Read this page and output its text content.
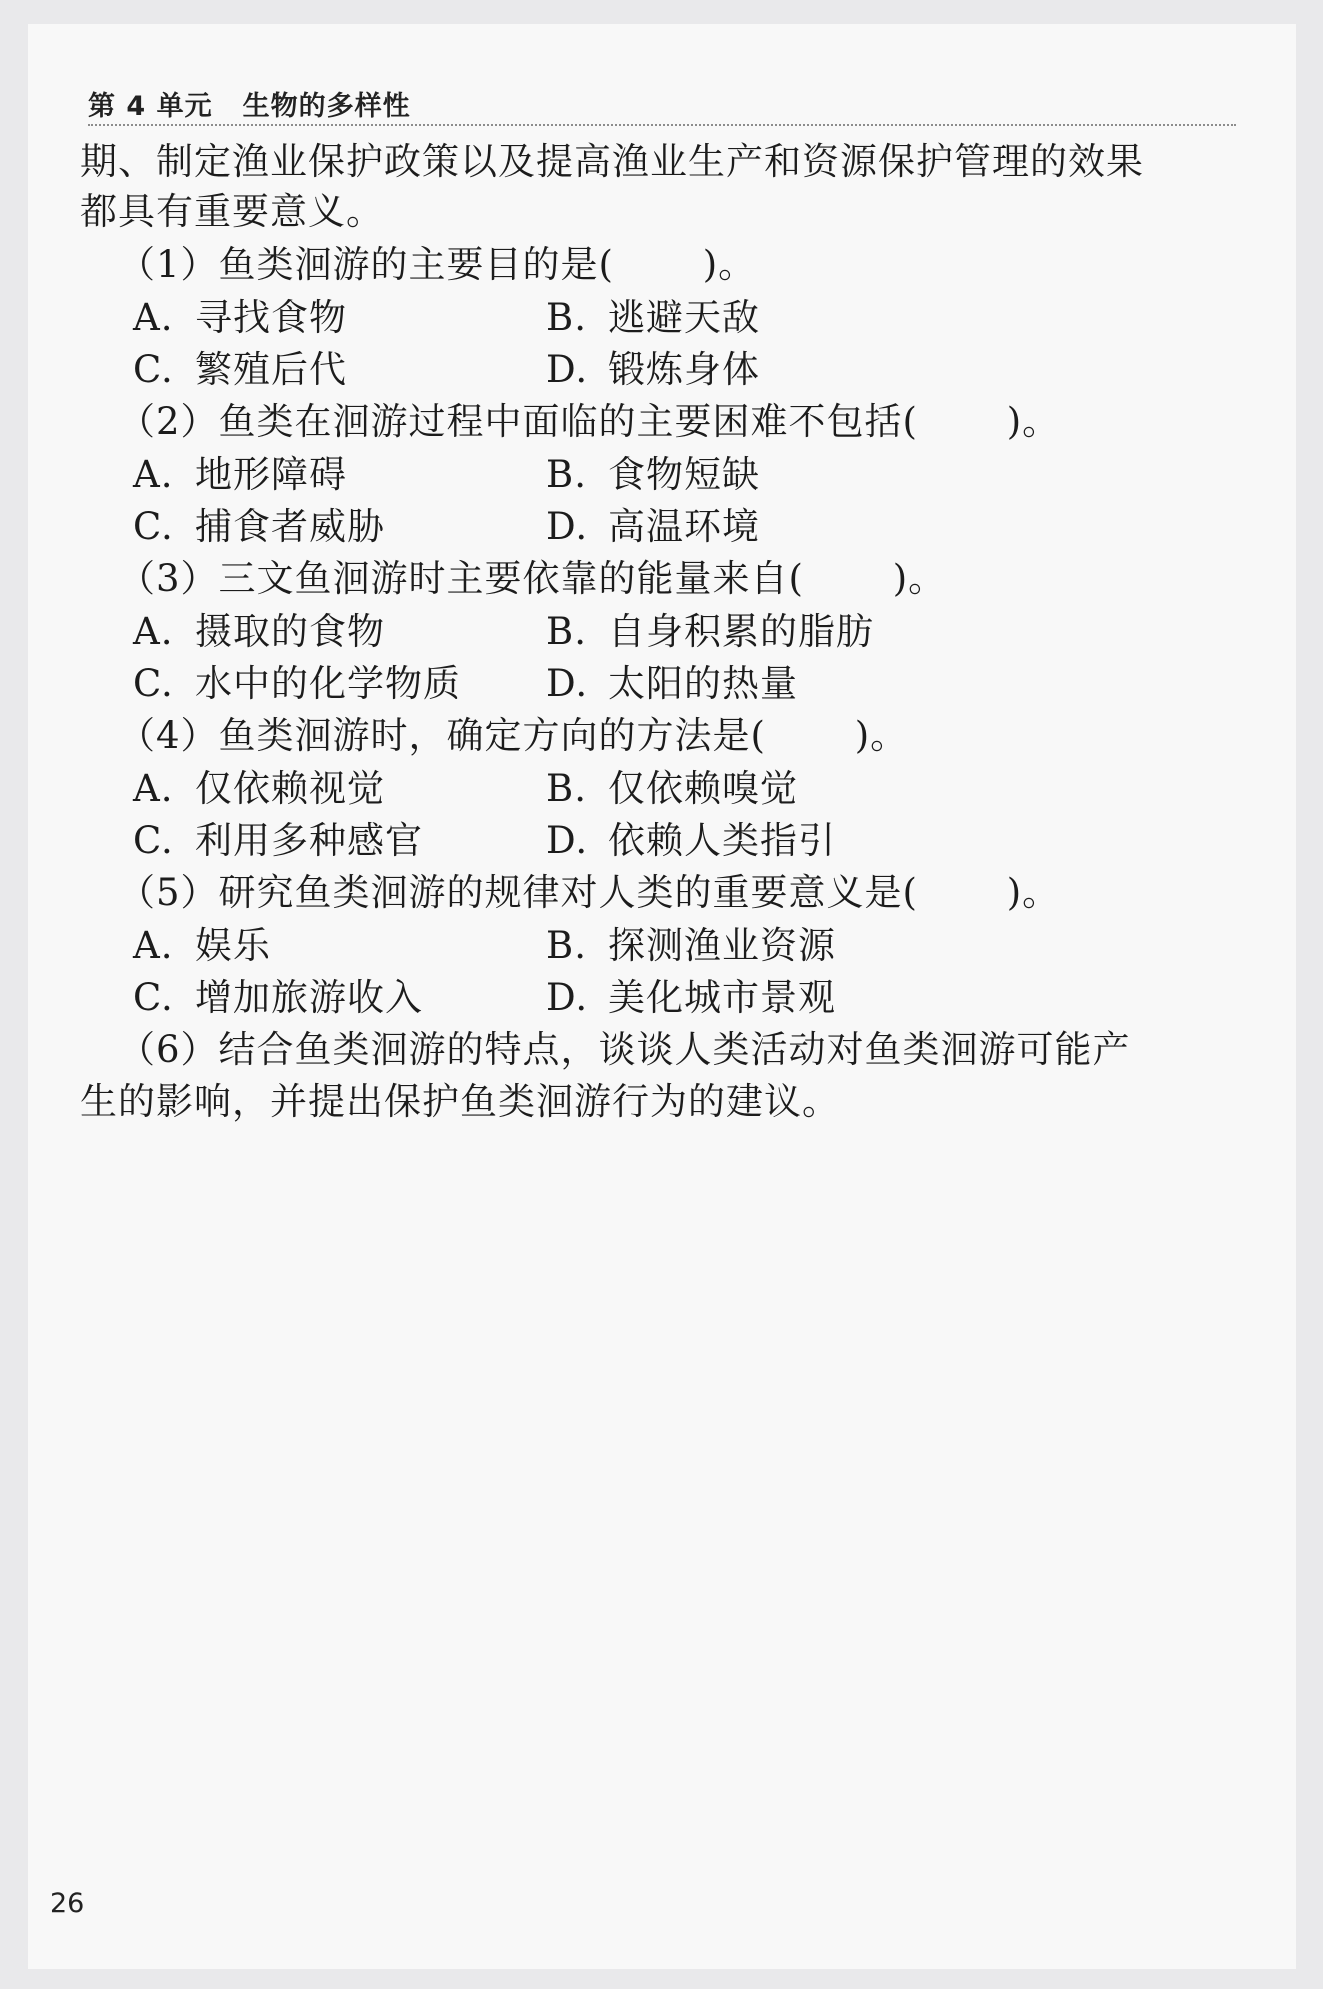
第 4 单元 生物的多样性
期、制定渔业保护政策以及提高渔业生产和资源保护管理的效果
都具有重要意义。
（1）鱼类洄游的主要目的是(　　 )。
A. 寻找食物	B. 逃避天敌
C. 繁殖后代	D. 锻炼身体
（2）鱼类在洄游过程中面临的主要困难不包括(　　 )。
A. 地形障碍	B. 食物短缺
C. 捕食者威胁	D. 高温环境
（3）三文鱼洄游时主要依靠的能量来自(　　 )。
A. 摄取的食物	B. 自身积累的脂肪
C. 水中的化学物质 D. 太阳的热量
（4）鱼类洄游时，确定方向的方法是(　　 )。
A. 仅依赖视觉	B. 仅依赖嗅觉
C. 利用多种感官	D. 依赖人类指引
（5）研究鱼类洄游的规律对人类的重要意义是(　　 )。
A. 娱乐	B. 探测渔业资源
C. 增加旅游收入	D. 美化城市景观
（6）结合鱼类洄游的特点，谈谈人类活动对鱼类洄游可能产
生的影响，并提出保护鱼类洄游行为的建议。
26
